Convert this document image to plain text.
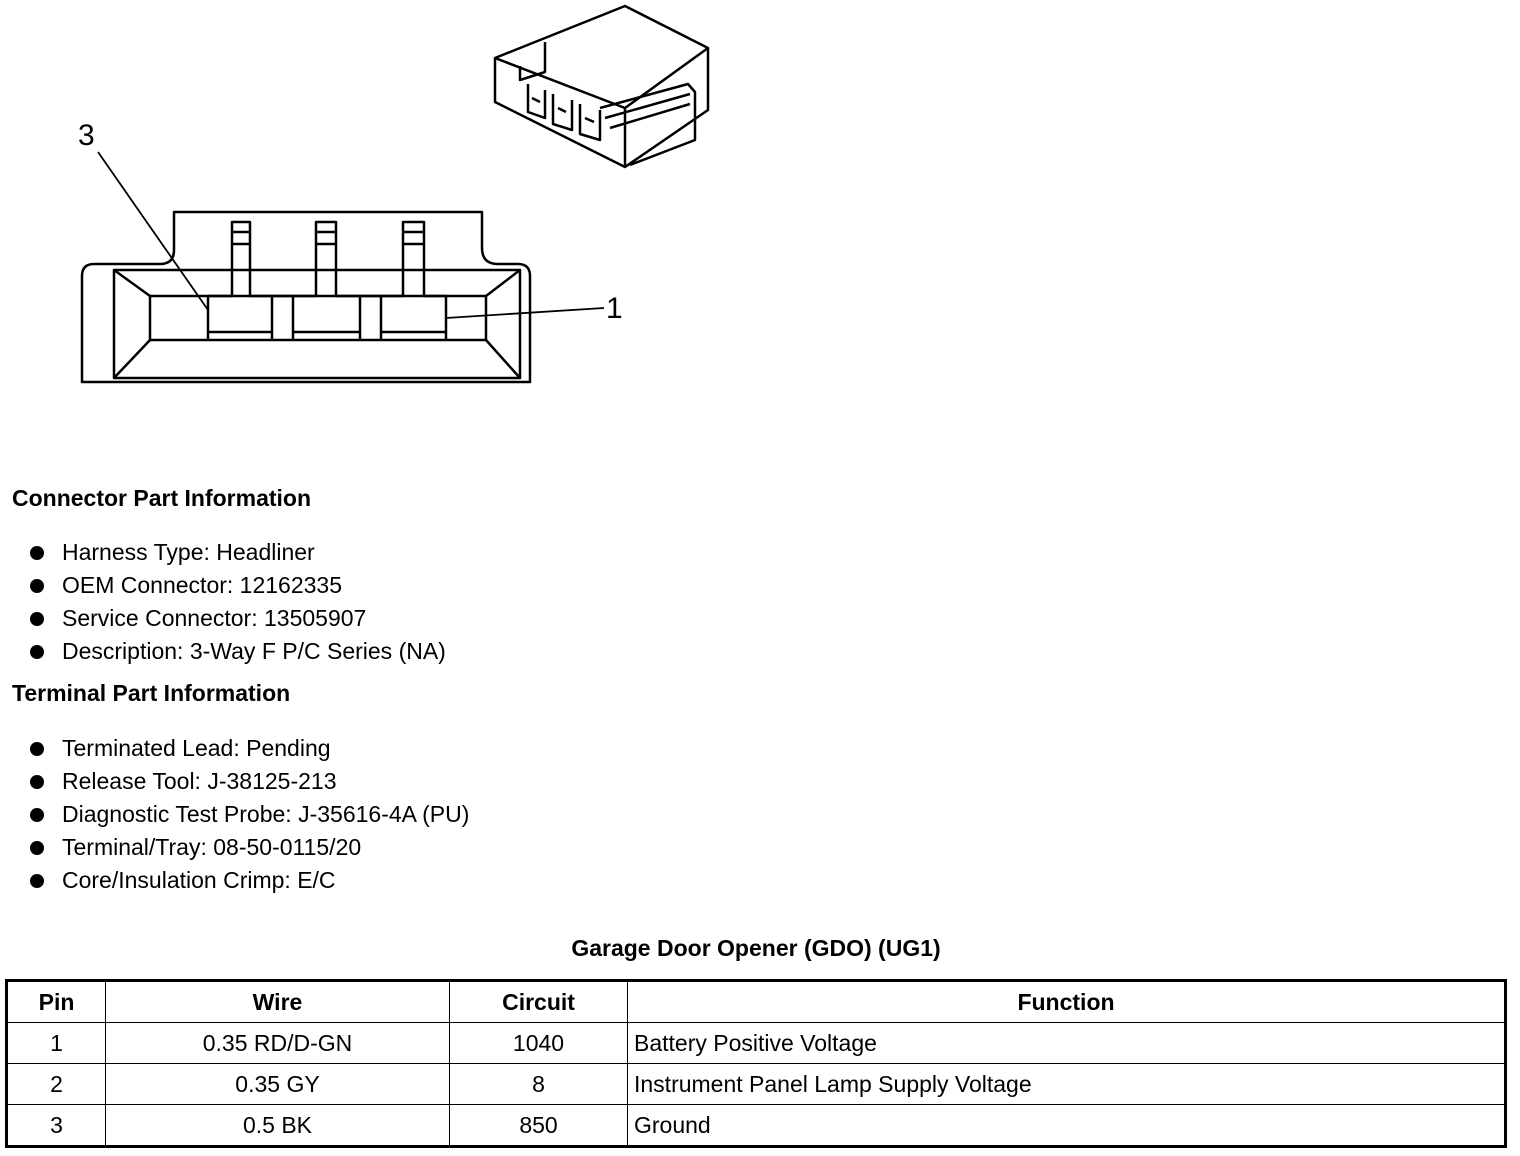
3
1
Connector Part Information
Harness Type: Headliner
OEM Connector: 12162335
Service Connector: 13505907
Description: 3-Way F P/C Series (NA)
Terminal Part Information
Terminated Lead: Pending
Release Tool: J-38125-213
Diagnostic Test Probe: J-35616-4A (PU)
Terminal/Tray: 08-50-0115/20
Core/Insulation Crimp: E/C
Garage Door Opener (GDO) (UG1)
Pin	Wire	Circuit	Function
1	0.35 RD/D-GN	1040	Battery Positive Voltage
2	0.35 GY	8	Instrument Panel Lamp Supply Voltage
3	0.5 BK	850	Ground
